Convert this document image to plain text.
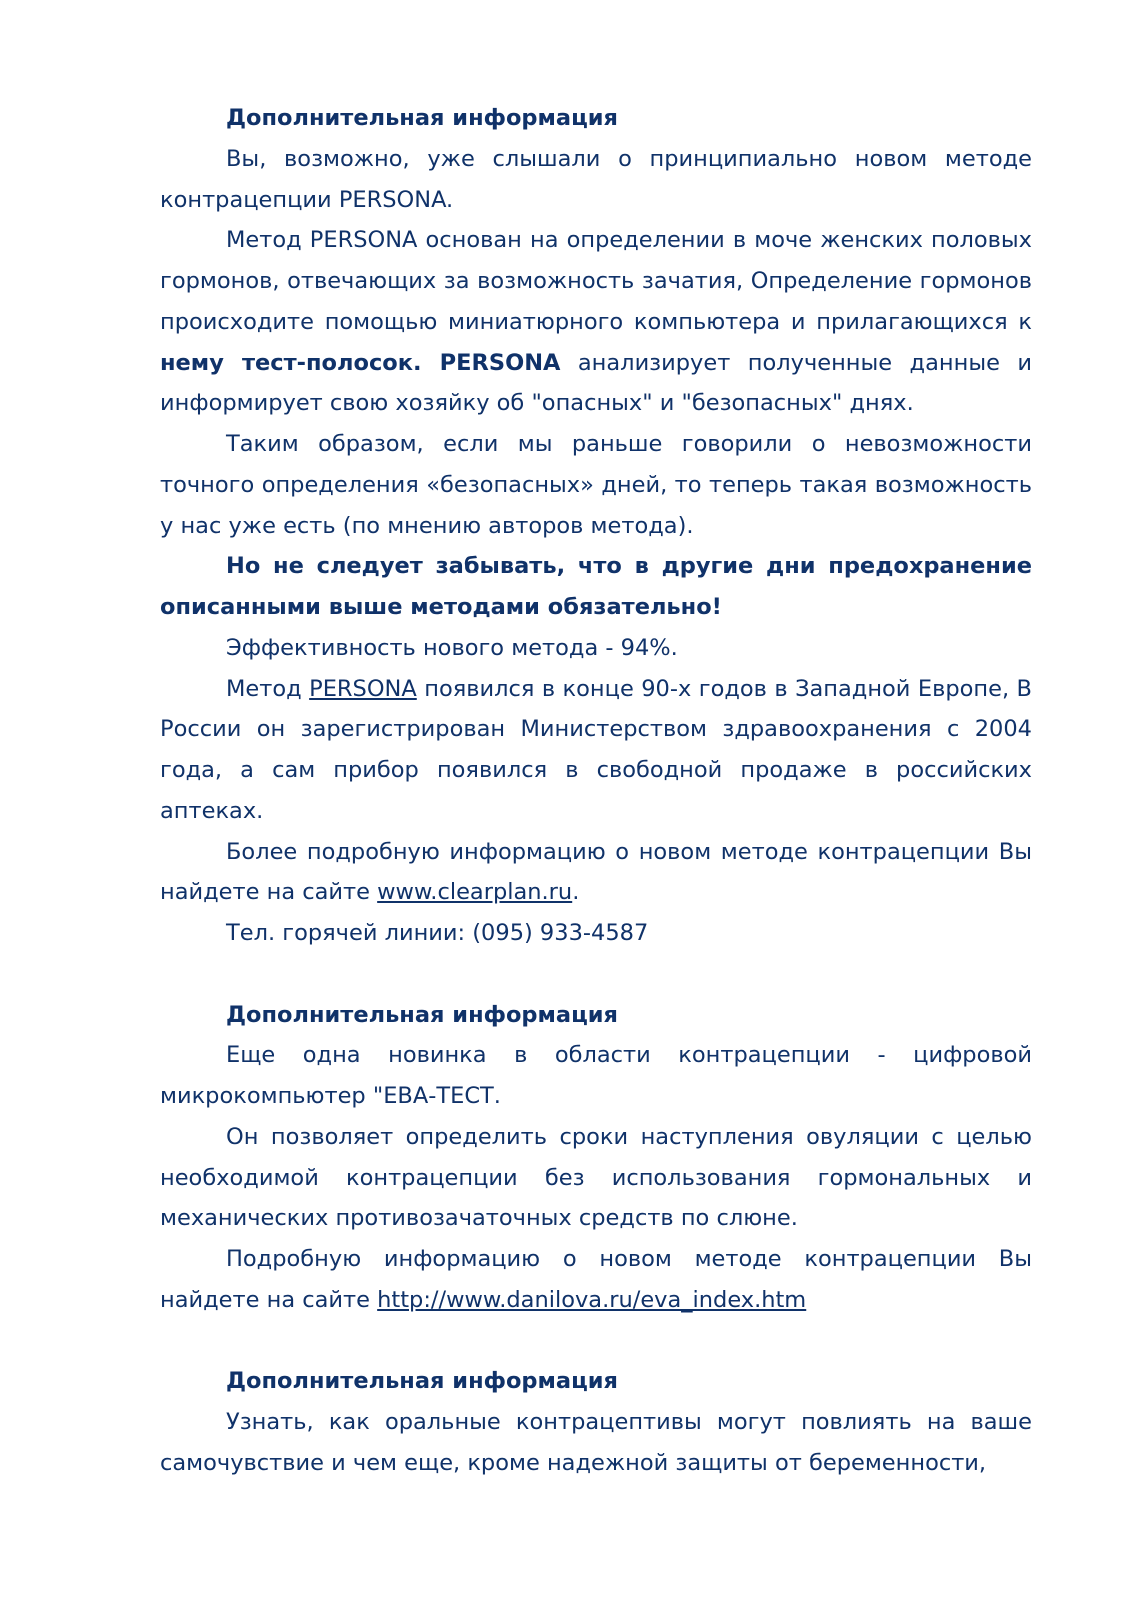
Дополнительная информация

Вы, возможно, уже слышали о принципиально новом методе контрацепции PERSONA.

Метод PERSONA основан на определении в моче женских половых гормонов, отвечающих за возможность зачатия, Определение гормонов происходите помощью миниатюрного компьютера и прилагающихся к нему тест-полосок. PERSONA анализирует полученные данные и информирует свою хозяйку об "опасных" и "безопасных" днях.

Таким образом, если мы раньше говорили о невозможности точного определения «безопасных» дней, то теперь такая возможность у нас уже есть (по мнению авторов метода).

Но не следует забывать, что в другие дни предохранение описанными выше методами обязательно!

Эффективность нового метода - 94%.

Метод PERSONA появился в конце 90-х годов в Западной Европе, В России он зарегистрирован Министерством здравоохранения с 2004 года, а сам прибор появился в свободной продаже в российских аптеках.

Более подробную информацию о новом методе контрацепции Вы найдете на сайте www.clearplan.ru.

Тел. горячей линии: (095) 933-4587

Дополнительная информация

Еще одна новинка в области контрацепции - цифровой микрокомпьютер "ЕВА-ТЕСТ.

Он позволяет определить сроки наступления овуляции с целью необходимой контрацепции без использования гормональных и механических противозачаточных средств по слюне.

Подробную информацию о новом методе контрацепции Вы найдете на сайте http://www.danilova.ru/eva_index.htm

Дополнительная информация

Узнать, как оральные контрацептивы могут повлиять на ваше самочувствие и чем еще, кроме надежной защиты от беременности,
